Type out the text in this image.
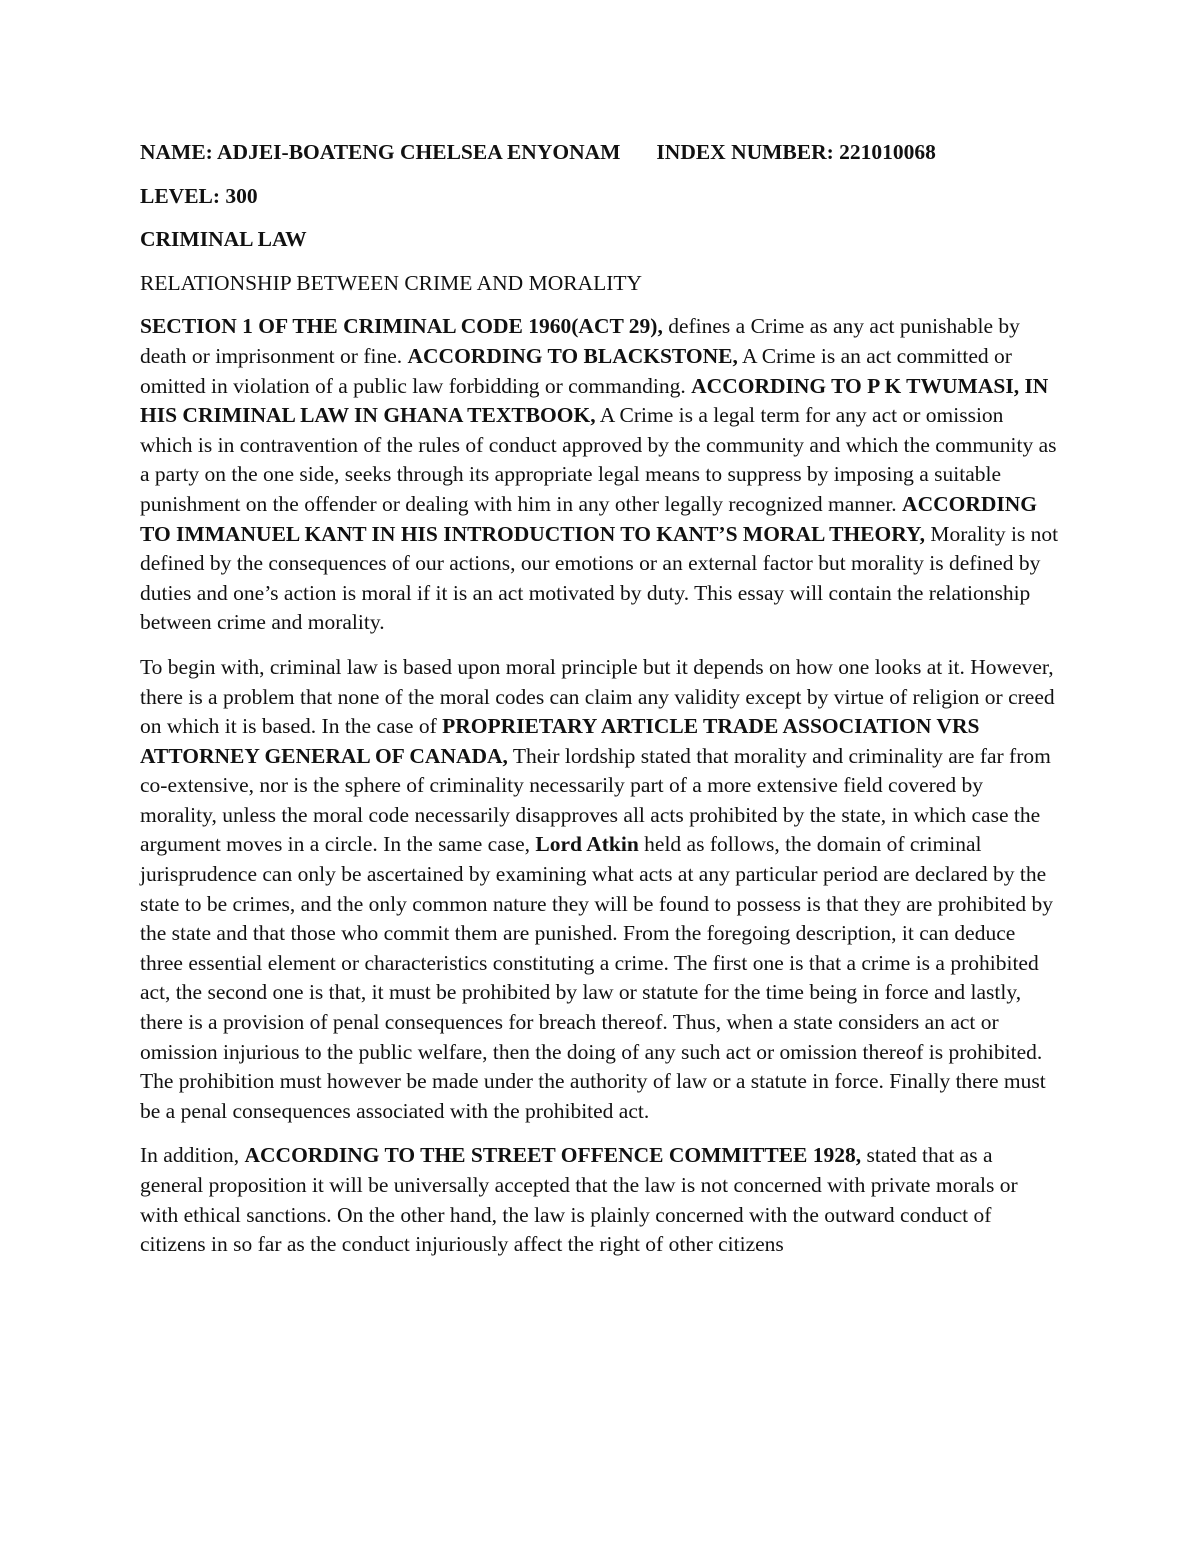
NAME: ADJEI-BOATENG CHELSEA ENYONAM INDEX NUMBER: 221010068

LEVEL: 300

CRIMINAL LAW

RELATIONSHIP BETWEEN CRIME AND MORALITY

SECTION 1 OF THE CRIMINAL CODE 1960(ACT 29), defines a Crime as any act punishable by death or imprisonment or fine. ACCORDING TO BLACKSTONE, A Crime is an act committed or omitted in violation of a public law forbidding or commanding. ACCORDING TO P K TWUMASI, IN HIS CRIMINAL LAW IN GHANA TEXTBOOK, A Crime is a legal term for any act or omission which is in contravention of the rules of conduct approved by the community and which the community as a party on the one side, seeks through its appropriate legal means to suppress by imposing a suitable punishment on the offender or dealing with him in any other legally recognized manner. ACCORDING TO IMMANUEL KANT IN HIS INTRODUCTION TO KANT’S MORAL THEORY, Morality is not defined by the consequences of our actions, our emotions or an external factor but morality is defined by duties and one’s action is moral if it is an act motivated by duty. This essay will contain the relationship between crime and morality.

To begin with, criminal law is based upon moral principle but it depends on how one looks at it. However, there is a problem that none of the moral codes can claim any validity except by virtue of religion or creed on which it is based. In the case of PROPRIETARY ARTICLE TRADE ASSOCIATION VRS ATTORNEY GENERAL OF CANADA, Their lordship stated that morality and criminality are far from co-extensive, nor is the sphere of criminality necessarily part of a more extensive field covered by morality, unless the moral code necessarily disapproves all acts prohibited by the state, in which case the argument moves in a circle. In the same case, Lord Atkin held as follows, the domain of criminal jurisprudence can only be ascertained by examining what acts at any particular period are declared by the state to be crimes, and the only common nature they will be found to possess is that they are prohibited by the state and that those who commit them are punished. From the foregoing description, it can deduce three essential element or characteristics constituting a crime. The first one is that a crime is a prohibited act, the second one is that, it must be prohibited by law or statute for the time being in force and lastly, there is a provision of penal consequences for breach thereof. Thus, when a state considers an act or omission injurious to the public welfare, then the doing of any such act or omission thereof is prohibited. The prohibition must however be made under the authority of law or a statute in force. Finally there must be a penal consequences associated with the prohibited act.

In addition, ACCORDING TO THE STREET OFFENCE COMMITTEE 1928, stated that as a general proposition it will be universally accepted that the law is not concerned with private morals or with ethical sanctions. On the other hand, the law is plainly concerned with the outward conduct of citizens in so far as the conduct injuriously affect the right of other citizens
